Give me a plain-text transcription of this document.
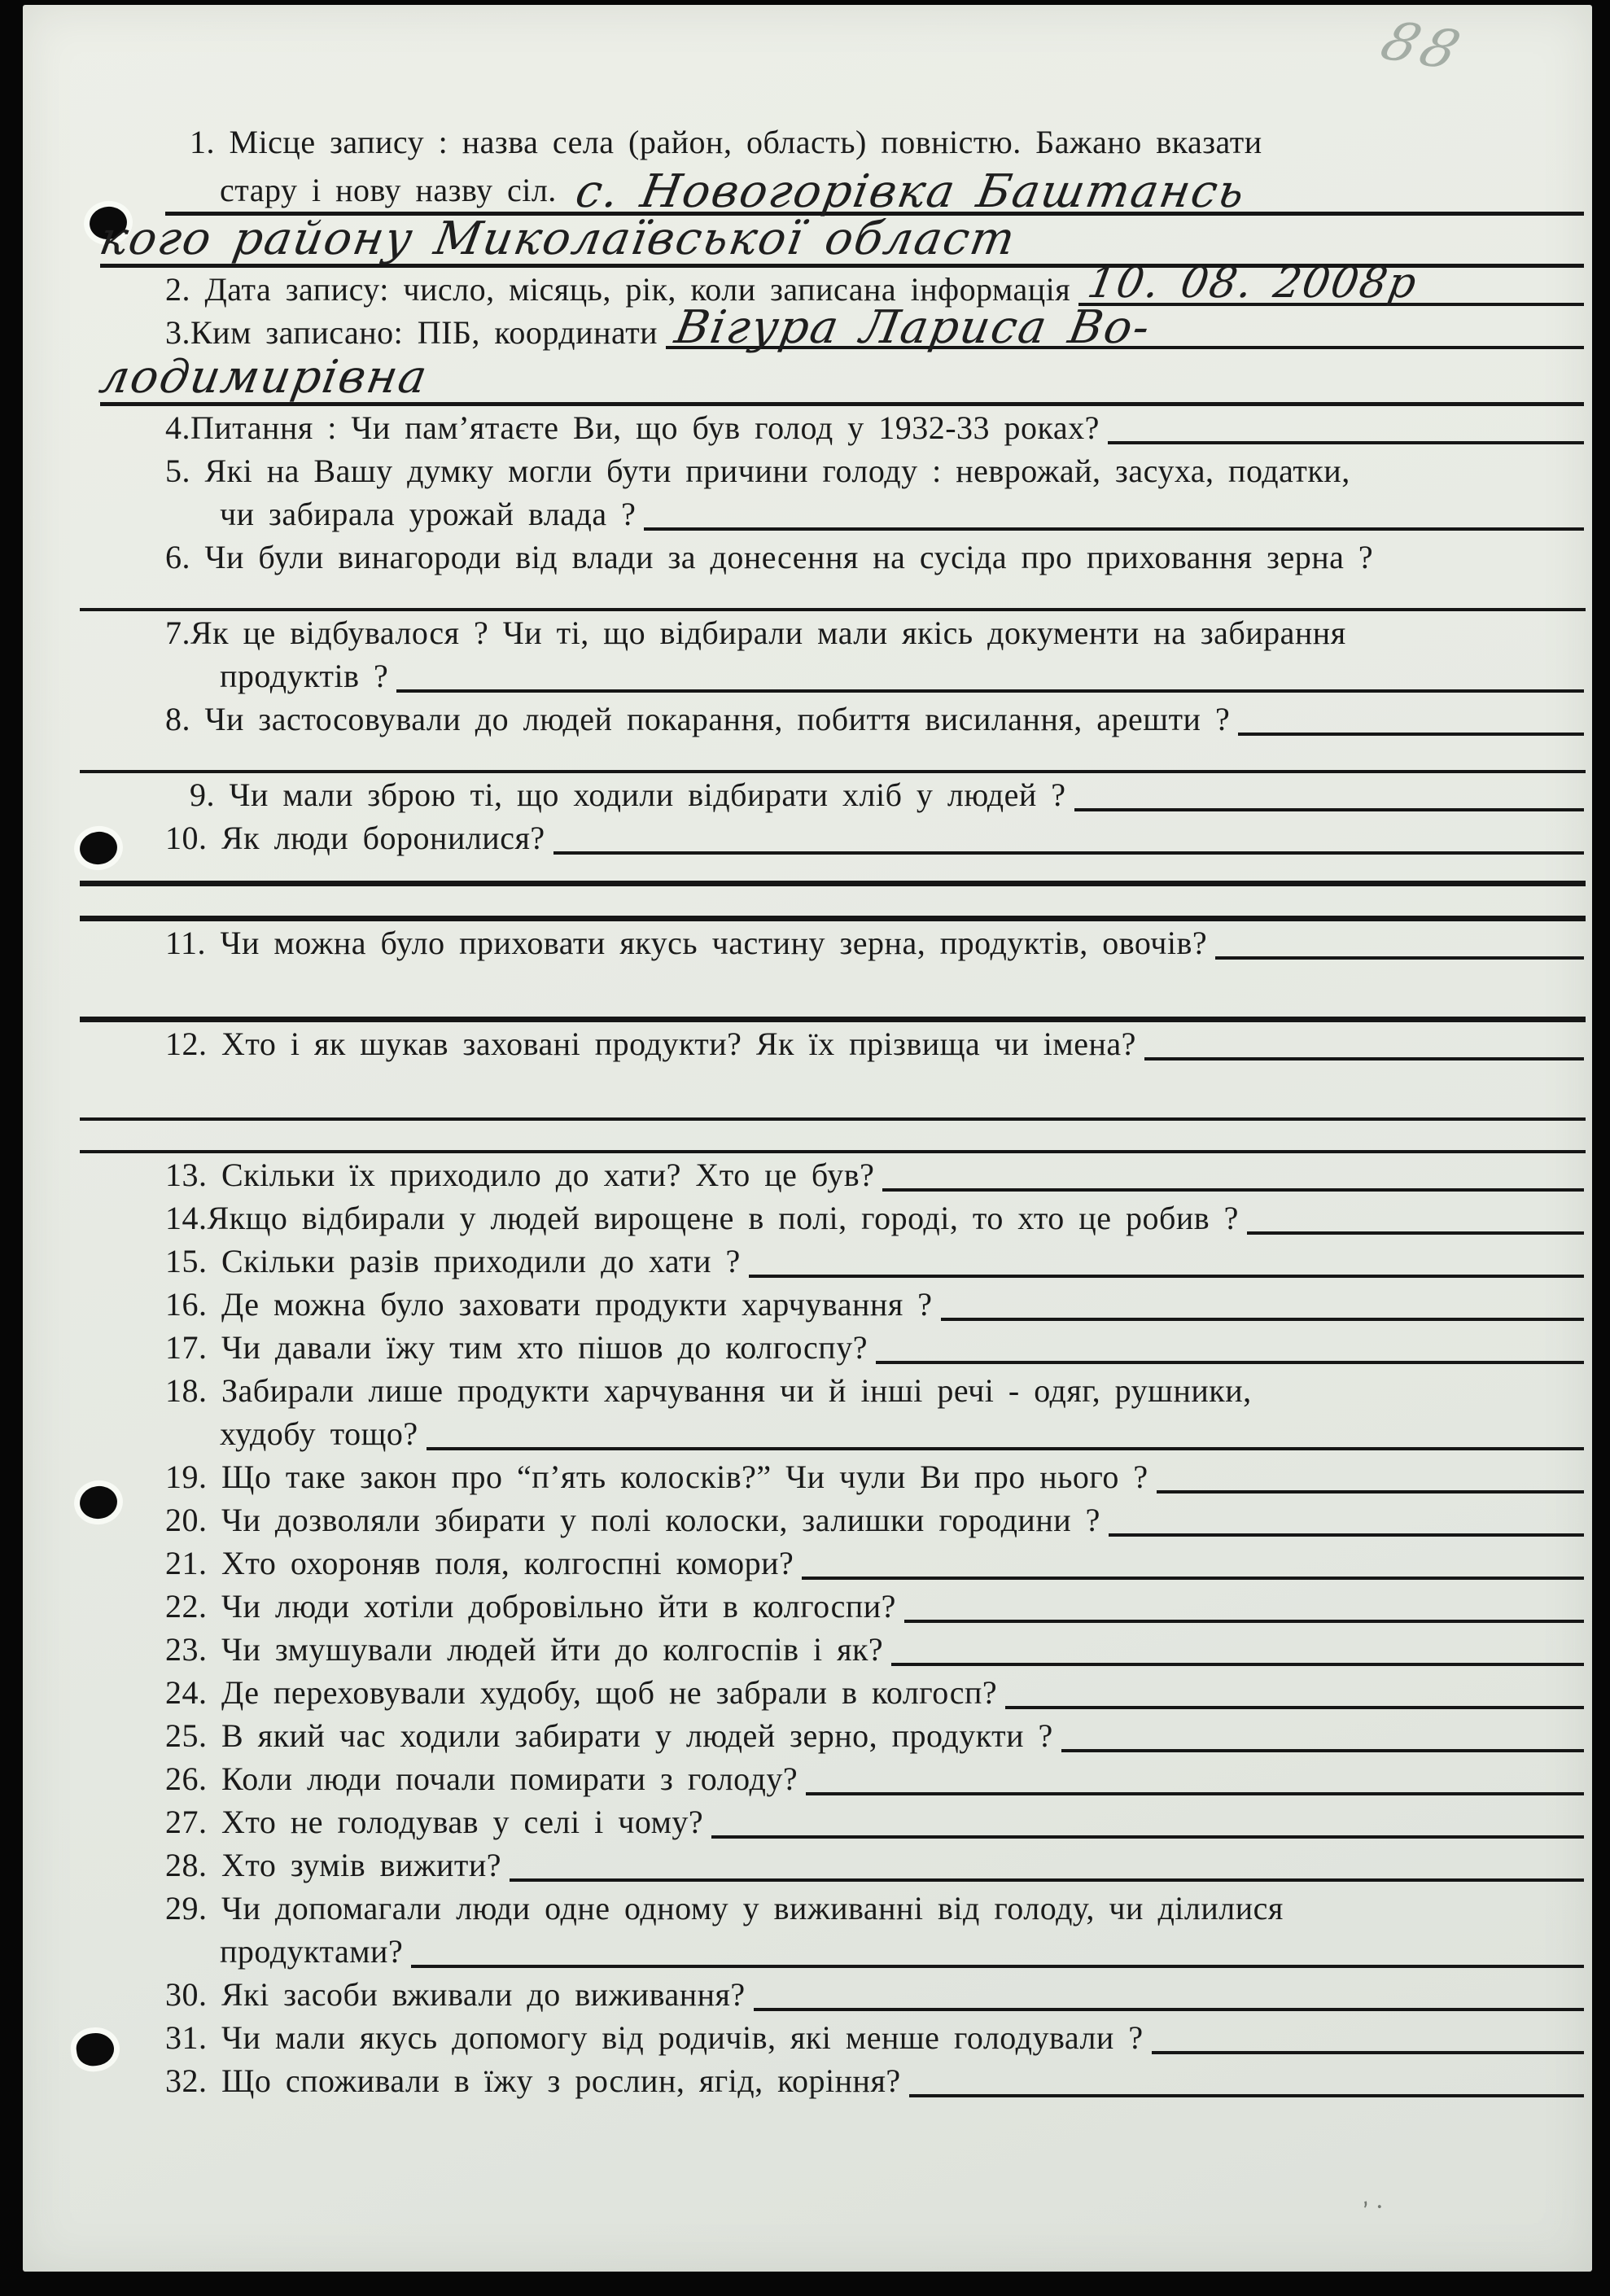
88
1. Місце запису : назва села (район, область) повністю. Бажано вказати
стару і нову назву сіл. с. Новогорівка Баштансь
кого району Миколаївської област
2. Дата запису: число, місяць, рік, коли записана інформація 10. 08. 2008р
3.Ким записано: ПІБ, координати Вігура Лариса Во-
лодимирівна
4.Питання : Чи пам’ятаєте Ви, що був голод у 1932-33 роках?
5. Які на Вашу думку могли бути причини голоду : неврожай, засуха, податки,
чи забирала урожай влада ?
6. Чи були винагороди від влади за донесення на сусіда про приховання зерна ?
7.Як це відбувалося ? Чи ті, що відбирали мали якісь документи на забирання
продуктів ?
8. Чи застосовували до людей покарання, побиття висилання, арешти ?
9. Чи мали зброю ті, що ходили відбирати хліб у людей ?
10. Як люди боронилися?
11. Чи можна було приховати якусь частину зерна, продуктів, овочів?
12. Хто і як шукав заховані продукти? Як їх прізвища чи імена?
13. Скільки їх приходило до хати? Хто це був?
14.Якщо відбирали у людей вирощене в полі, городі, то хто це робив ?
15. Скільки разів приходили до хати ?
16. Де можна було заховати продукти харчування ?
17. Чи давали їжу тим хто пішов до колгоспу?
18. Забирали лише продукти харчування чи й інші речі - одяг, рушники,
худобу тощо?
19. Що таке закон про “п’ять колосків?” Чи чули Ви про нього ?
20. Чи дозволяли збирати у полі колоски, залишки городини ?
21. Хто охороняв поля, колгоспні комори?
22. Чи люди хотіли добровільно йти в колгоспи?
23. Чи змушували людей йти до колгоспів і як?
24. Де переховували худобу, щоб не забрали в колгосп?
25. В який час ходили забирати у людей зерно, продукти ?
26. Коли люди почали помирати з голоду?
27. Хто не голодував у селі і чому?
28. Хто зумів вижити?
29. Чи допомагали люди одне одному у виживанні від голоду, чи ділилися
продуктами?
30. Які засоби вживали до виживання?
31. Чи мали якусь допомогу від родичів, які менше голодували ?
32. Що споживали в їжу з рослин, ягід, коріння?
’·
